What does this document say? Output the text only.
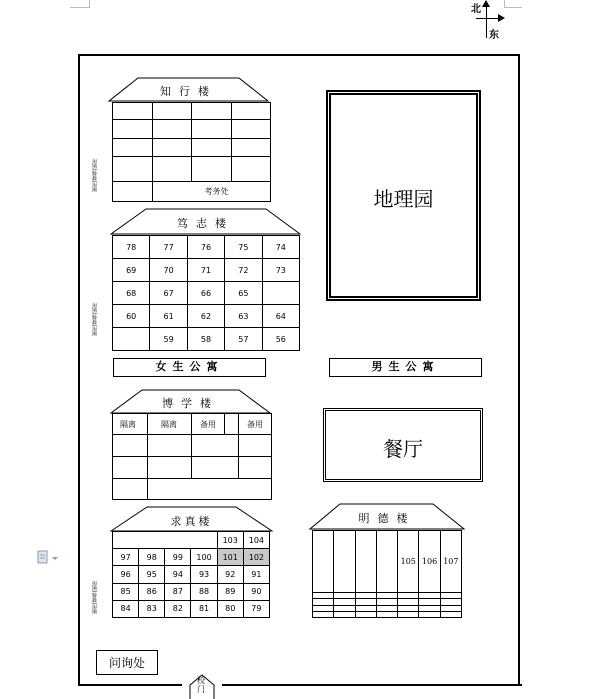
北
东
知行楼

	考务处		
厕所|楼梯|厕所
笃志楼
78	77	76	75	74
69	70	71	72	73
68	67	66	65	
60	61	62	63	64
	59	58	57	56
厕所|楼梯|厕所
女生公寓	男生公寓
地理园
博学楼
隔离	隔离	备用		备用

餐厅
求真楼
				103	104
97	98	99	100	101	102
96	95	94	93	92	91
85	86	87	88	89	90
84	83	82	81	80	79
厕所|楼梯|厕所
明德楼
				105	106	107

问询处
校门
